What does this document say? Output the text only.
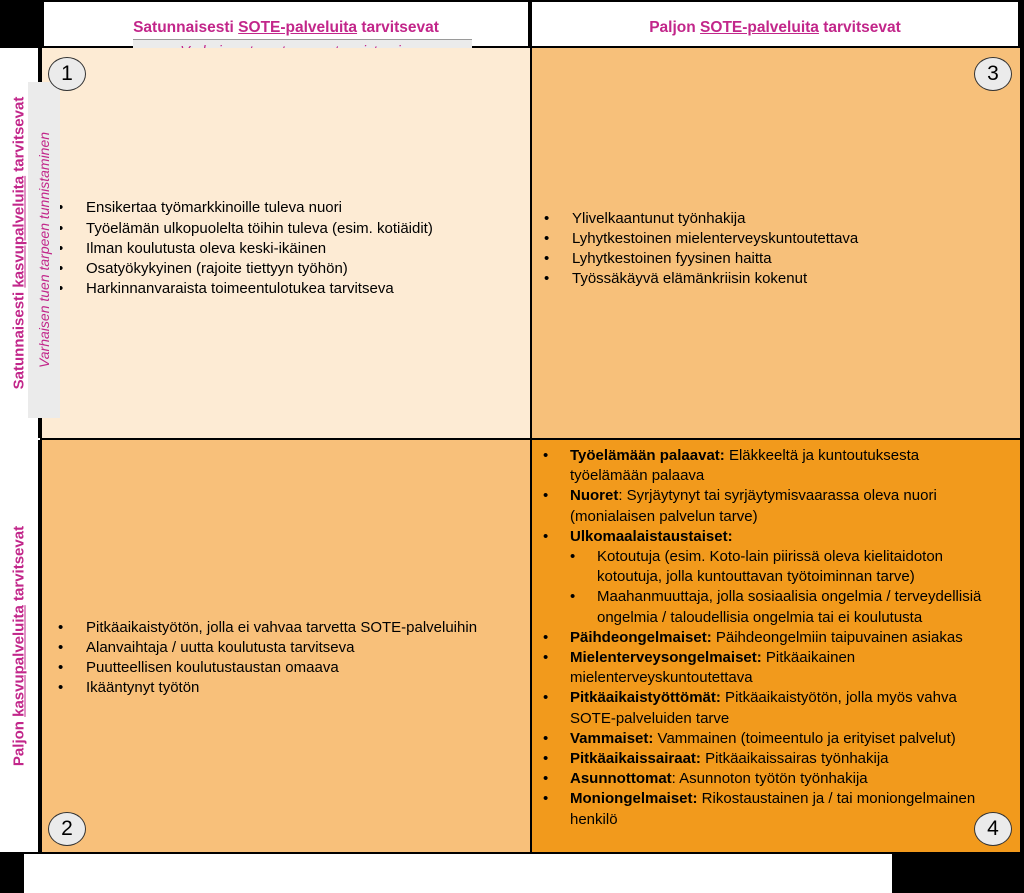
Satunnaisesti SOTE-palveluita tarvitsevat	Paljon SOTE-palveluita tarvitsevat
Satunnaisesti kasvupalveluita tarvitsevat
Paljon kasvupalveluita tarvitsevat
• Ensikertaa työmarkkinoille tuleva nuori
• Työelämän ulkopuolelta töihin tuleva (esim. kotiäidit)
• Ilman koulutusta oleva keski-ikäinen
• Osatyökykyinen (rajoite tiettyyn työhön)
• Harkinnanvaraista toimeentulotukea tarvitseva
Varhaisen tuen tarpeen tunnistaminen
•	Ylivelkaantunut työnhakija
• Lyhytkestoinen mielenterveyskuntoutettava
• Lyhytkestoinen fyysinen haitta
• Työssäkäyvä elämänkriisin kokenut
• Pitkäaikaistyötön, jolla ei vahvaa tarvetta SOTE-palveluihin
• Alanvaihtaja / uutta koulutusta tarvitseva
• Puutteellisen koulutustaustan omaava
• Ikääntynyt työtön
• Työelämään palaavat: Eläkkeeltä ja kuntoutuksesta työelämään palaava
• Nuoret: Syrjäytynyt tai syrjäytymisvaarassa oleva nuori (monialaisen palvelun tarve)
• Ulkomaalaistaustaiset:
• Kotoutuja (esim. Koto-lain piirissä oleva kielitaidoton kotoutuja, jolla kuntouttavan työtoiminnan tarve)
• Maahanmuuttaja, jolla sosiaalisia ongelmia / terveydellisiä ongelmia / taloudellisia ongelmia tai ei koulutusta
• Päihdeongelmaiset: Päihdeongelmiin taipuvainen asiakas
• Mielenterveysongelmaiset: Pitkäaikainen mielenterveyskuntoutettava
• Pitkäaikaistyöttömät: Pitkäaikaistyötön, jolla myös vahva SOTE-palveluiden tarve
• Vammaiset: Vammainen (toimeentulo ja erityiset palvelut)
• Pitkäaikaissairaat: Pitkäaikaissairas työnhakija
• Asunnottomat: Asunnoton työtön työnhakija
• Moniongelmaiset: Rikostaustainen ja / tai moniongelmainen henkilö
1	3
2	4
